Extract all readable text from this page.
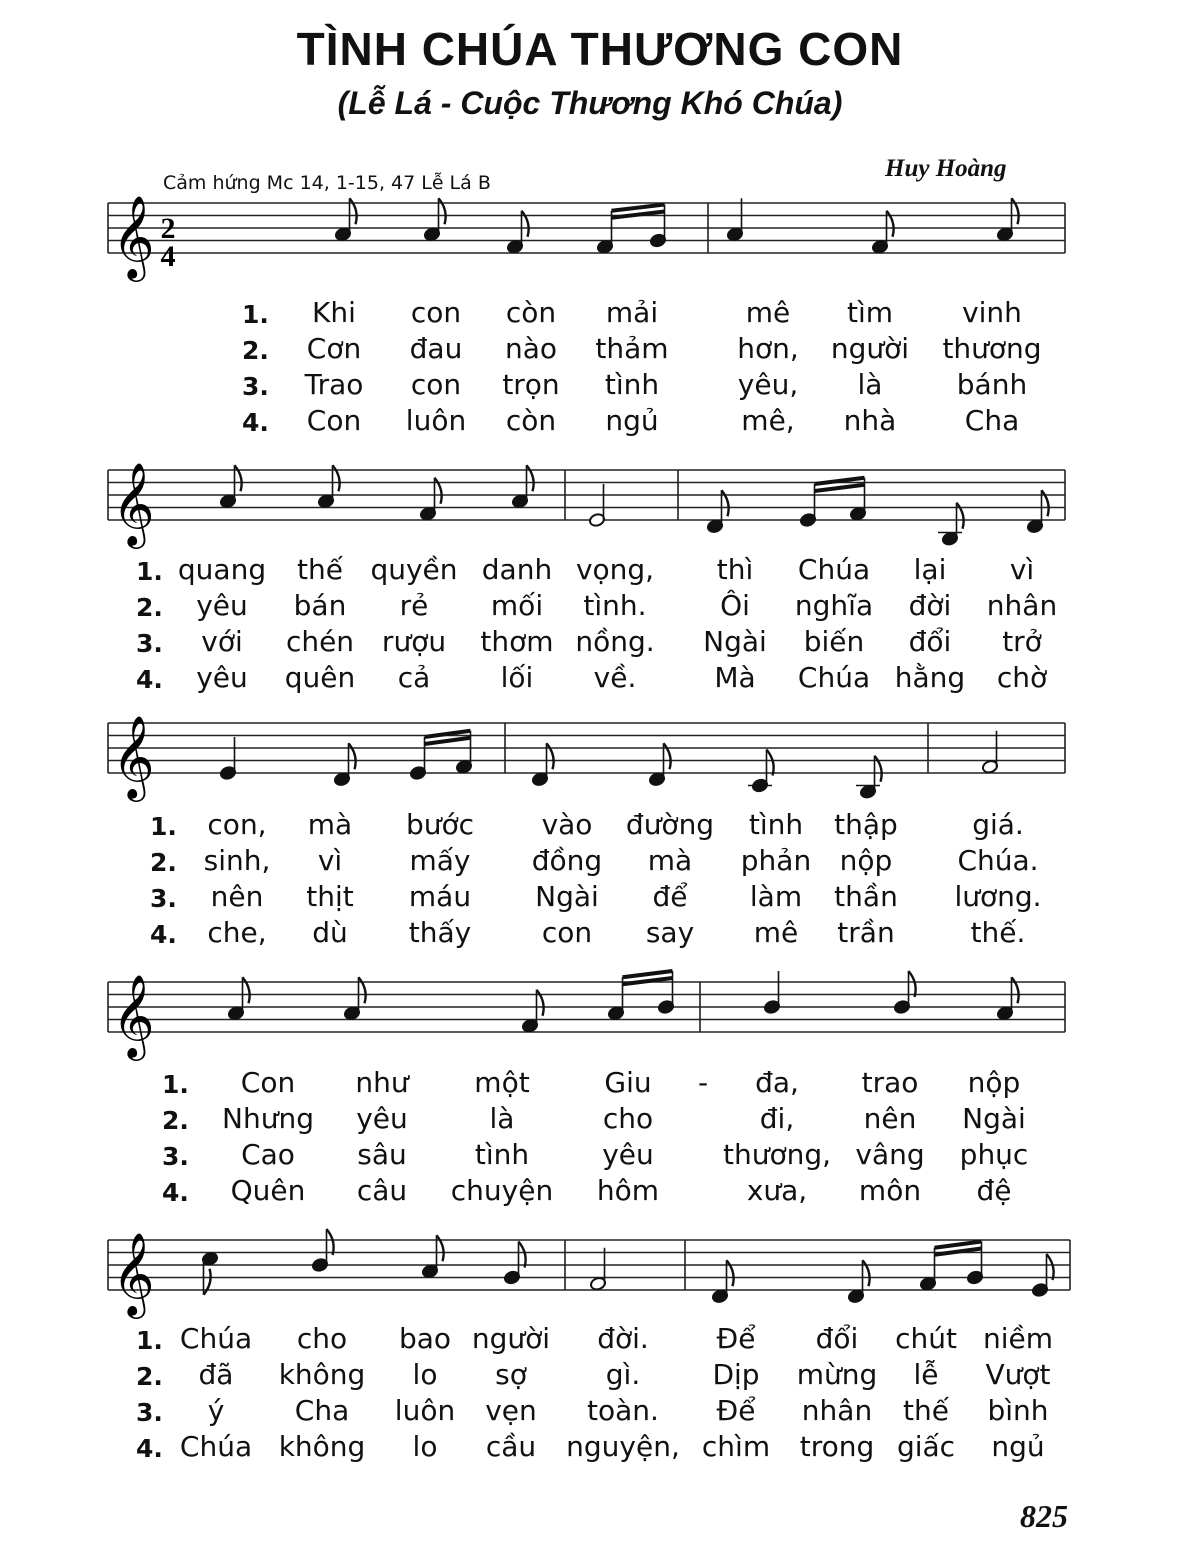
TÌNH CHÚA THƯƠNG CON
(Lễ Lá - Cuộc Thương Khó Chúa)
Cảm hứng Mc 14, 1-15, 47 Lễ Lá B
Huy Hoàng
𝄞
𝄞
𝄞
𝄞
𝄞
2
4
1. Khi con còn mải	mê tìm vinh
2. Cơn đau nào thảm hơn, người thương
3. Trao con trọn tình	yêu, là	bánh
4. Con luôn còn ngủ	mê, nhà Cha
1. quang thế quyền danh vọng, thì Chúa lại vì
2. yêu bán rẻ mối tình.	Ôi nghĩa đời nhân
3. với chén rượu thơm nồng. Ngài biến đổi trở
4. yêu quên cả	lối về.	Mà Chúa hằng chờ
1. con, mà bước vào đường tình thập	giá.
2. sinh, vì mấy đồng mà phản nộp Chúa.
3. nên thịt máu Ngài để làm thần lương.
4. che, dù thấy	con say mê trần	thế.
1. Con như một	Giu - đa, trao nộp
2. Nhưng yêu	là	cho	đi, nên Ngài
3. Cao sâu tình	yêu thương, vâng phục
4. Quên câu chuyện hôm	xưa, môn đệ
1. Chúa cho bao người đời. Để đổi chút niềm
2. đã không lo sợ	gì.	Dịp mừng lễ Vượt
3. ý	Cha luôn vẹn toàn. Để nhân thế bình
4. Chúa không lo cầu nguyện, chìm trong giấc ngủ
825
